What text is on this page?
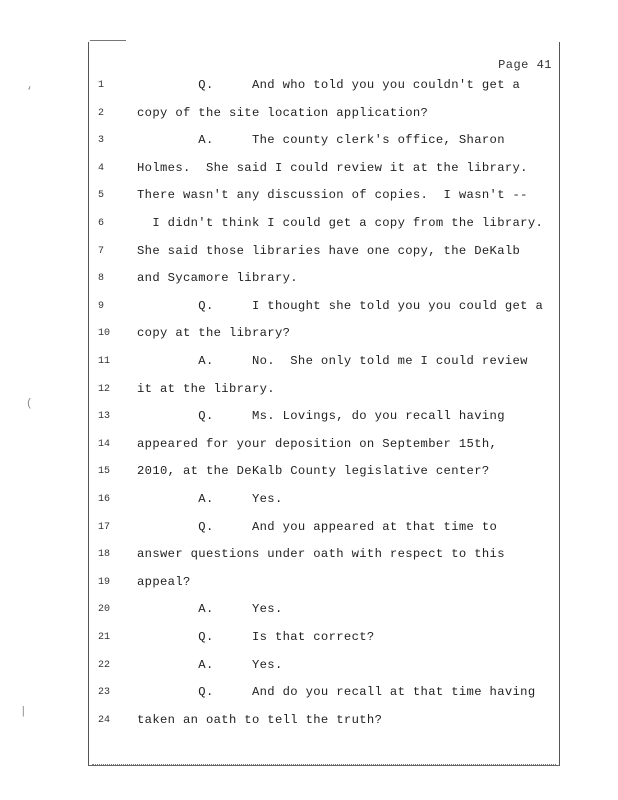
‘
(
|
Page 41
1	Q.     And who told you you couldn't get a
2	copy of the site location application?
3	A.     The county clerk's office, Sharon
4	Holmes.  She said I could review it at the library.
5	There wasn't any discussion of copies.  I wasn't --
6	I didn't think I could get a copy from the library.
7	She said those libraries have one copy, the DeKalb
8	and Sycamore library.
9	Q.     I thought she told you you could get a
10	copy at the library?
11	A.     No.  She only told me I could review
12	it at the library.
13	Q.     Ms. Lovings, do you recall having
14	appeared for your deposition on September 15th,
15	2010, at the DeKalb County legislative center?
16	A.     Yes.
17	Q.     And you appeared at that time to
18	answer questions under oath with respect to this
19	appeal?
20	A.     Yes.
21	Q.     Is that correct?
22	A.     Yes.
23	Q.     And do you recall at that time having
24	taken an oath to tell the truth?
